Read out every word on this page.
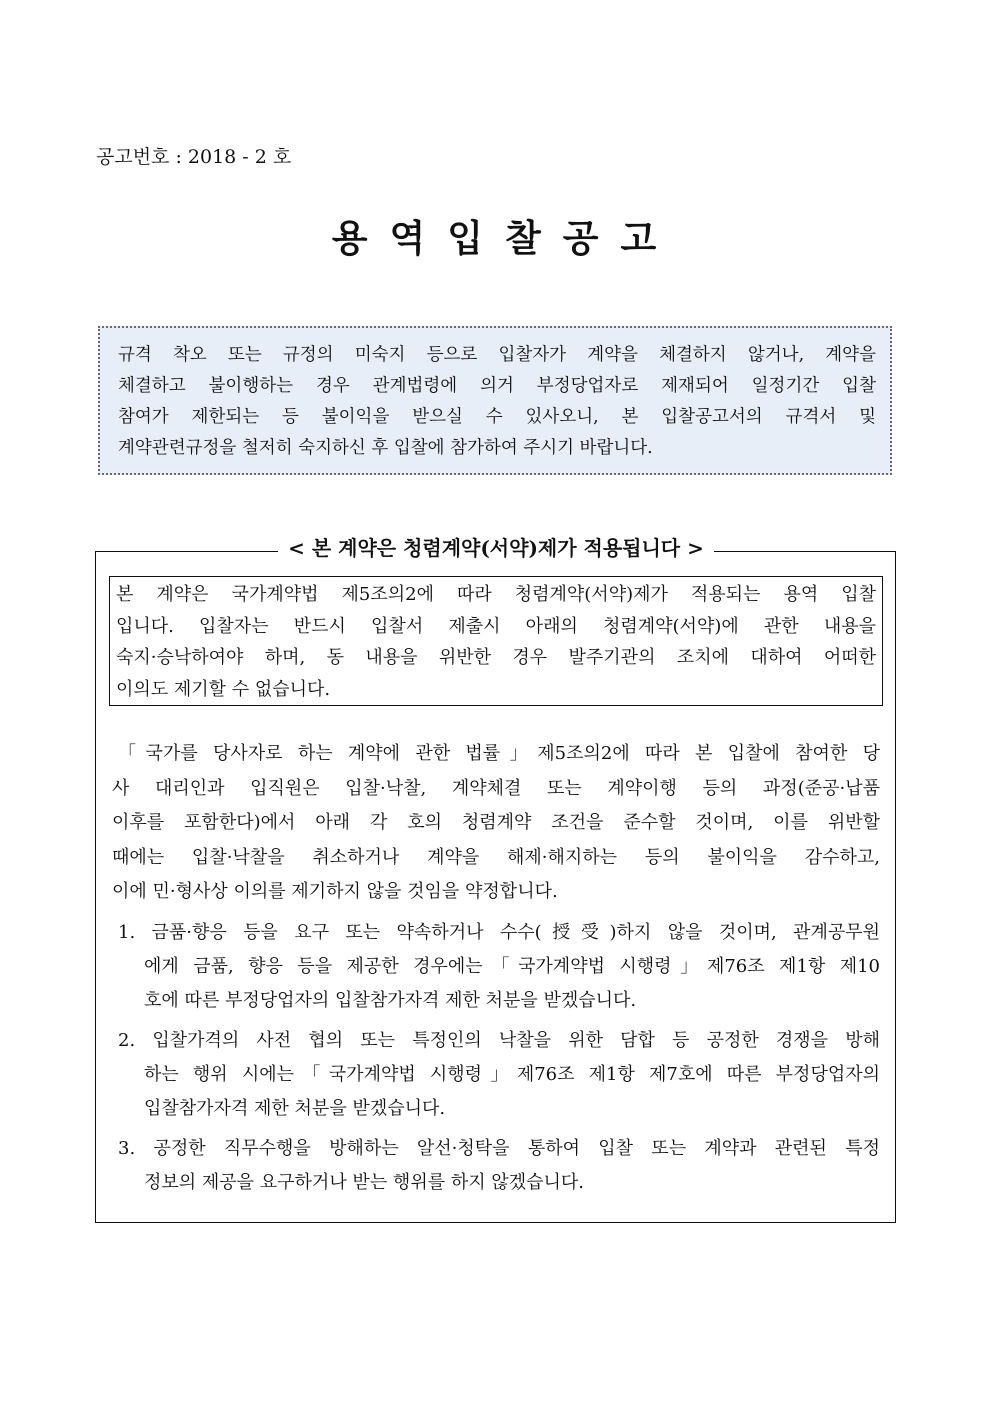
공고번호 : 2018 - 2 호
용역입찰공고
규격 착오 또는 규정의 미숙지 등으로 입찰자가 계약을 체결하지 않거나, 계약을
체결하고 불이행하는 경우 관계법령에 의거 부정당업자로 제재되어 일정기간 입찰
참여가 제한되는 등 불이익을 받으실 수 있사오니, 본 입찰공고서의 규격서 및
계약관련규정을 철저히 숙지하신 후 입찰에 참가하여 주시기 바랍니다.
< 본 계약은 청렴계약(서약)제가 적용됩니다 >
본 계약은 국가계약법 제5조의2에 따라 청렴계약(서약)제가 적용되는 용역 입찰
입니다. 입찰자는 반드시 입찰서 제출시 아래의 청렴계약(서약)에 관한 내용을
숙지·승낙하여야 하며, 동 내용을 위반한 경우 발주기관의 조치에 대하여 어떠한
이의도 제기할 수 없습니다.
「국가를 당사자로 하는 계약에 관한 법률」제5조의2에 따라 본 입찰에 참여한 당
사 대리인과 입직원은 입찰·낙찰, 계약체결 또는 계약이행 등의 과정(준공·납품
이후를 포함한다)에서 아래 각 호의 청렴계약 조건을 준수할 것이며, 이를 위반할
때에는 입찰·낙찰을 취소하거나 계약을 해제·해지하는 등의 불이익을 감수하고,
이에 민·형사상 이의를 제기하지 않을 것임을 약정합니다.
1. 금품·향응 등을 요구 또는 약속하거나 수수(授受)하지 않을 것이며, 관계공무원
에게 금품, 향응 등을 제공한 경우에는「국가계약법 시행령」제76조 제1항 제10
호에 따른 부정당업자의 입찰참가자격 제한 처분을 받겠습니다.
2. 입찰가격의 사전 협의 또는 특정인의 낙찰을 위한 담합 등 공정한 경쟁을 방해
하는 행위 시에는「국가계약법 시행령」제76조 제1항 제7호에 따른 부정당업자의
입찰참가자격 제한 처분을 받겠습니다.
3. 공정한 직무수행을 방해하는 알선·청탁을 통하여 입찰 또는 계약과 관련된 특정
정보의 제공을 요구하거나 받는 행위를 하지 않겠습니다.
